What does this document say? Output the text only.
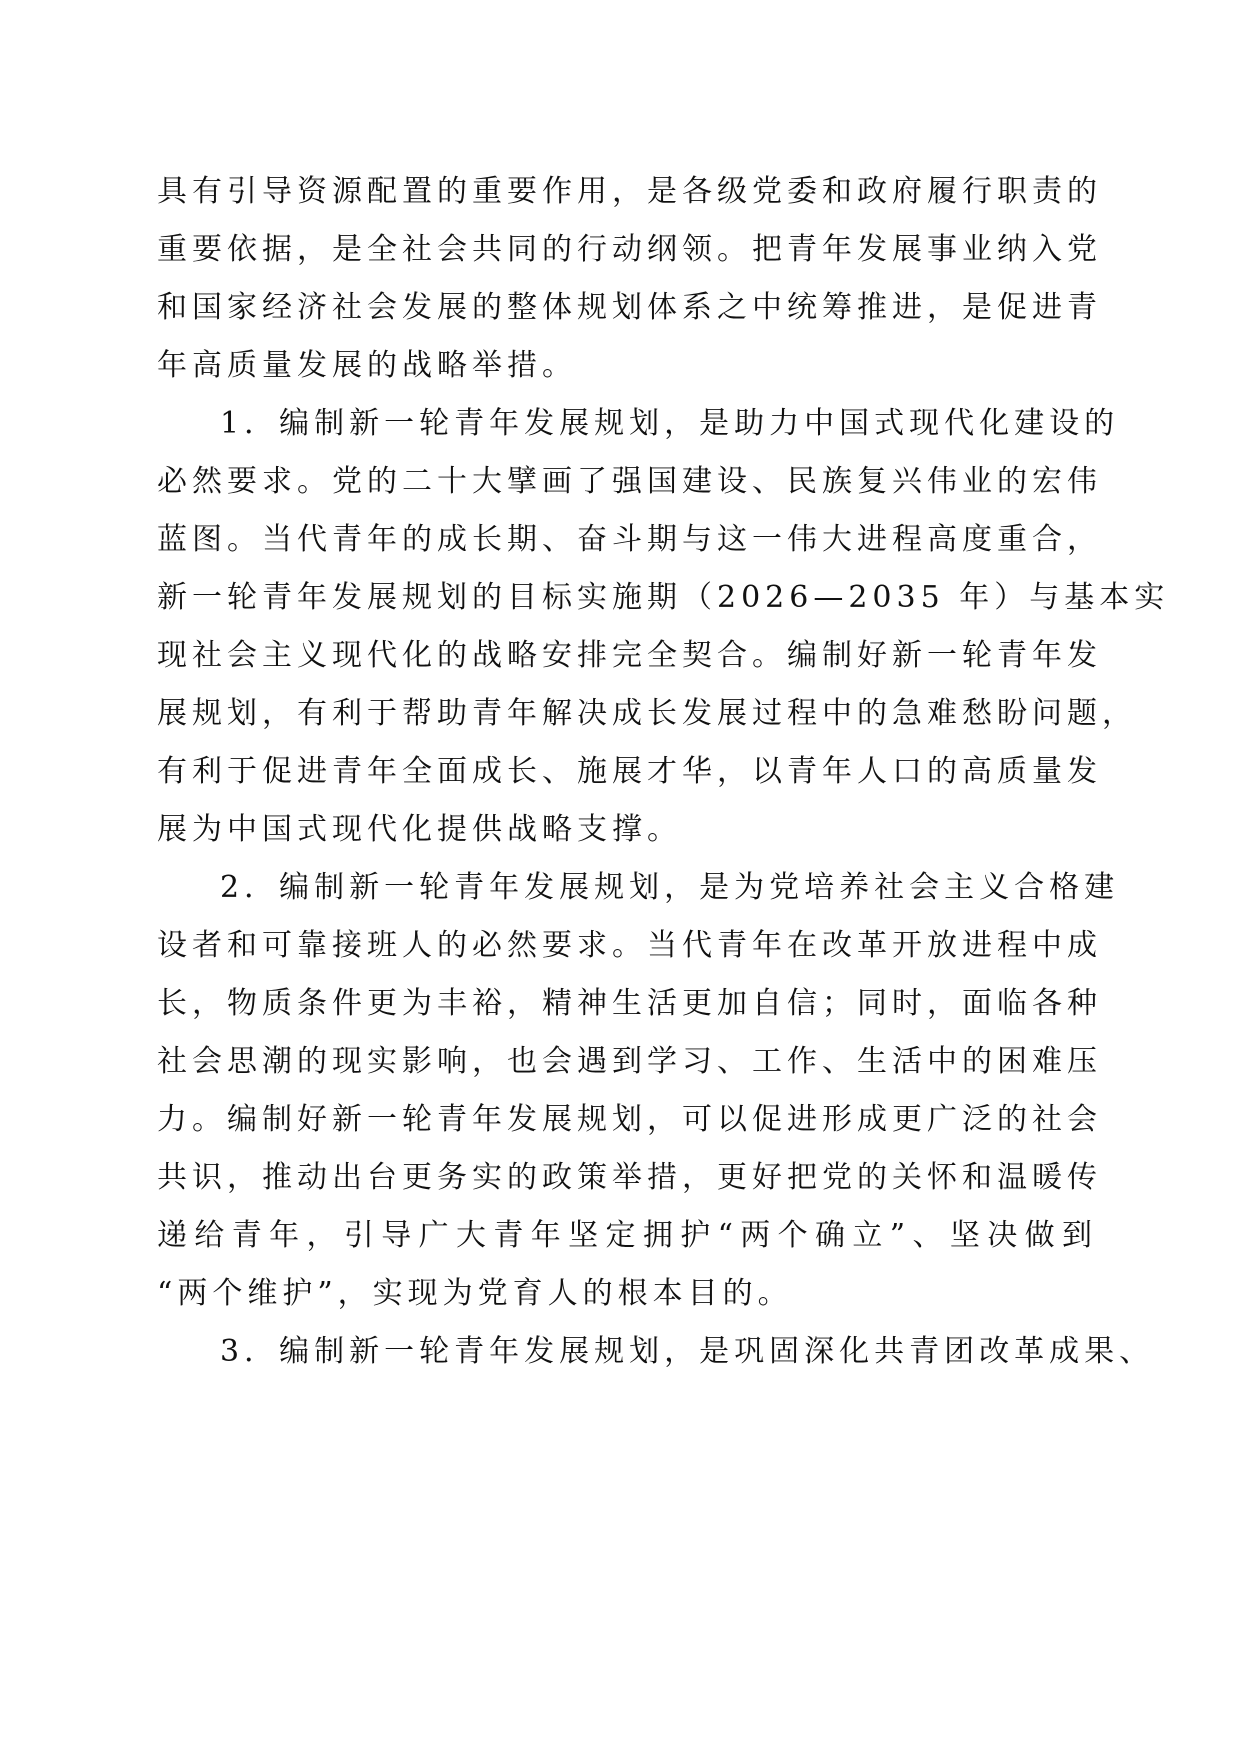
具有引导资源配置的重要作用，是各级党委和政府履行职责的
重要依据，是全社会共同的行动纲领。把青年发展事业纳入党
和国家经济社会发展的整体规划体系之中统筹推进，是促进青
年高质量发展的战略举措。
1．编制新一轮青年发展规划，是助力中国式现代化建设的
必然要求。党的二十大擘画了强国建设、民族复兴伟业的宏伟
蓝图。当代青年的成长期、奋斗期与这一伟大进程高度重合，
新一轮青年发展规划的目标实施期（2026—2035 年）与基本实
现社会主义现代化的战略安排完全契合。编制好新一轮青年发
展规划，有利于帮助青年解决成长发展过程中的急难愁盼问题，
有利于促进青年全面成长、施展才华，以青年人口的高质量发
展为中国式现代化提供战略支撑。
2．编制新一轮青年发展规划，是为党培养社会主义合格建
设者和可靠接班人的必然要求。当代青年在改革开放进程中成
长，物质条件更为丰裕，精神生活更加自信；同时，面临各种
社会思潮的现实影响，也会遇到学习、工作、生活中的困难压
力。编制好新一轮青年发展规划，可以促进形成更广泛的社会
共识，推动出台更务实的政策举措，更好把党的关怀和温暖传
递给青年，引导广大青年坚定拥护“两个确立”、坚决做到
“两个维护”，实现为党育人的根本目的。
3．编制新一轮青年发展规划，是巩固深化共青团改革成果、
